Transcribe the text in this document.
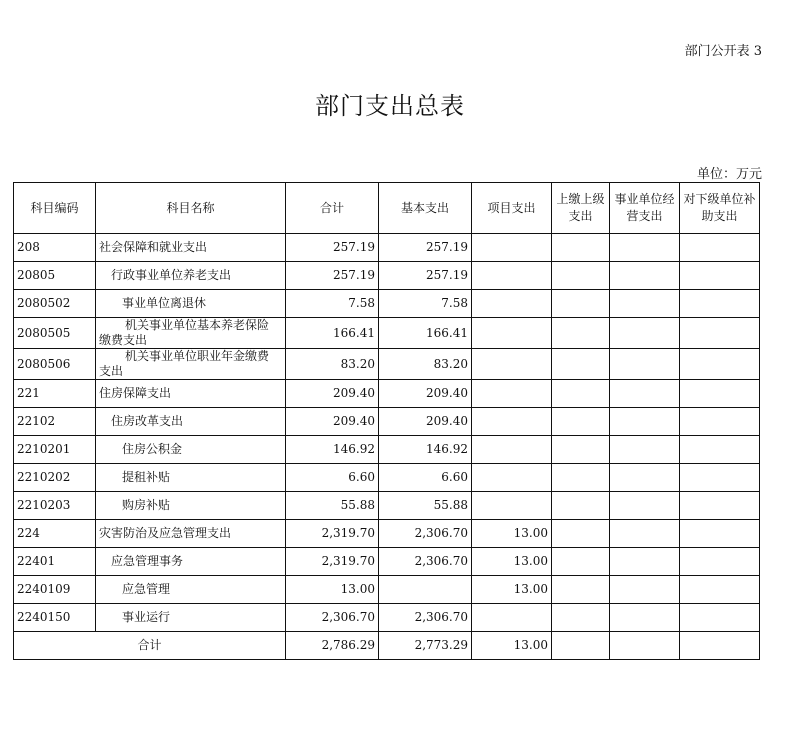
部门公开表 3
部门支出总表
单位：万元
科目编码	科目名称	合计	基本支出	项目支出	上缴上级支出	事业单位经营支出	对下级单位补助支出
208	社会保障和就业支出	257.19	257.19				
20805	行政事业单位养老支出	257.19	257.19				
2080502	事业单位离退休	7.58	7.58				
2080505	机关事业单位基本养老保险
缴费支出	166.41	166.41				
2080506	机关事业单位职业年金缴费
支出	83.20	83.20				
221	住房保障支出	209.40	209.40				
22102	住房改革支出	209.40	209.40				
2210201	住房公积金	146.92	146.92				
2210202	提租补贴	6.60	6.60				
2210203	购房补贴	55.88	55.88				
224	灾害防治及应急管理支出	2,319.70	2,306.70	13.00			
22401	应急管理事务	2,319.70	2,306.70	13.00			
2240109	应急管理	13.00		13.00			
2240150	事业运行	2,306.70	2,306.70				
合计		2,786.29	2,773.29	13.00			
